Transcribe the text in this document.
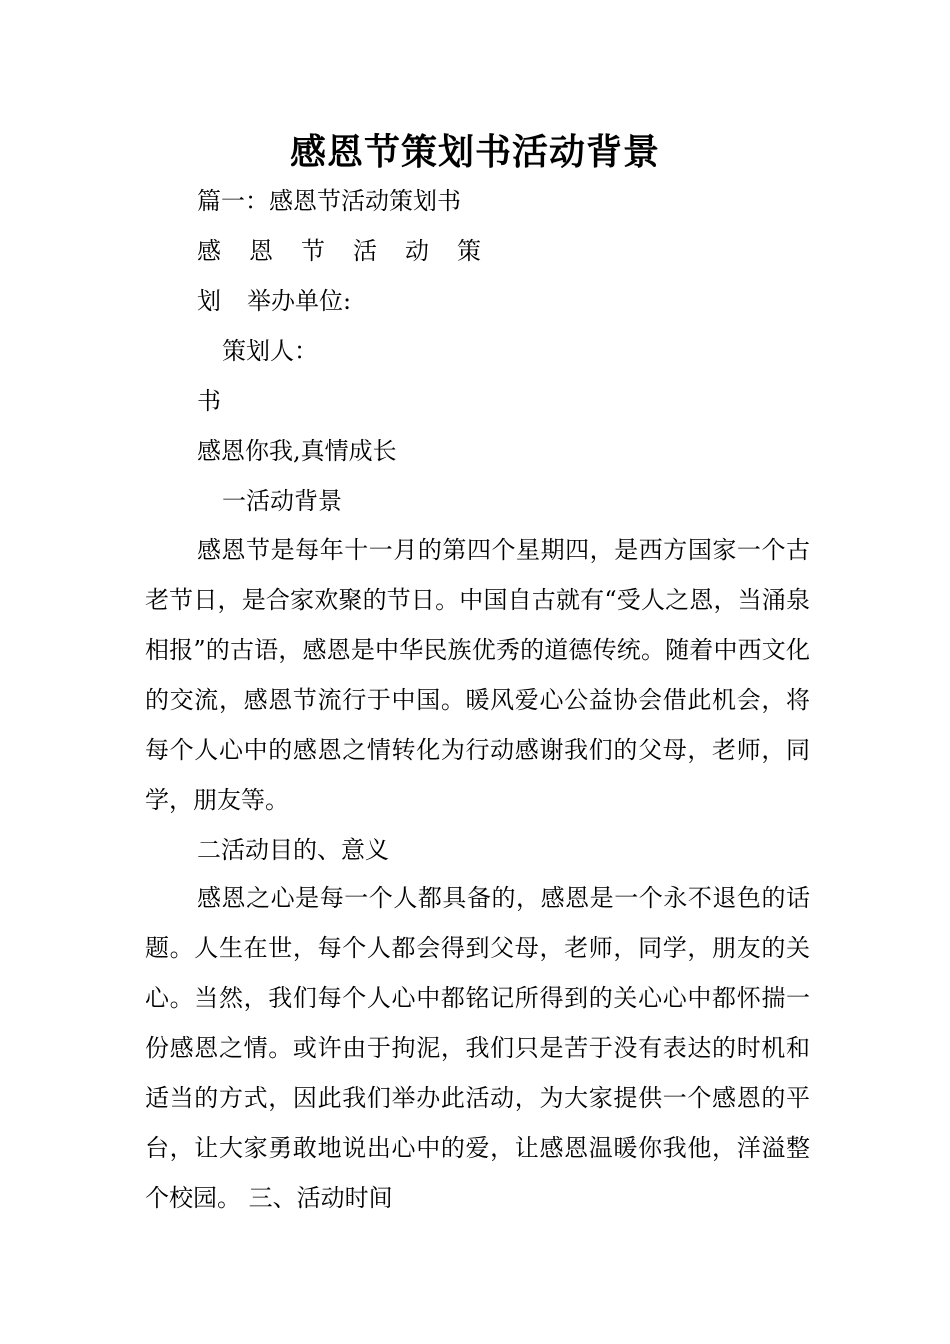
感恩节策划书活动背景
篇一：感恩节活动策划书
感 恩 节 活 动 策
划 举办单位:
策划人：
书
感恩你我,真情成长
一活动背景
感恩节是每年十一月的第四个星期四，是西方国家一个古老节日，是合家欢聚的节日。中国自古就有“受人之恩，当涌泉相报”的古语，感恩是中华民族优秀的道德传统。随着中西文化的交流，感恩节流行于中国。暖风爱心公益协会借此机会，将每个人心中的感恩之情转化为行动感谢我们的父母，老师，同学，朋友等。
二活动目的、意义
感恩之心是每一个人都具备的，感恩是一个永不退色的话题。人生在世，每个人都会得到父母，老师，同学，朋友的关心。当然，我们每个人心中都铭记所得到的关心心中都怀揣一份感恩之情。或许由于拘泥，我们只是苦于没有表达的时机和适当的方式，因此我们举办此活动，为大家提供一个感恩的平台，让大家勇敢地说出心中的爱，让感恩温暖你我他，洋溢整个校园。 三、活动时间
